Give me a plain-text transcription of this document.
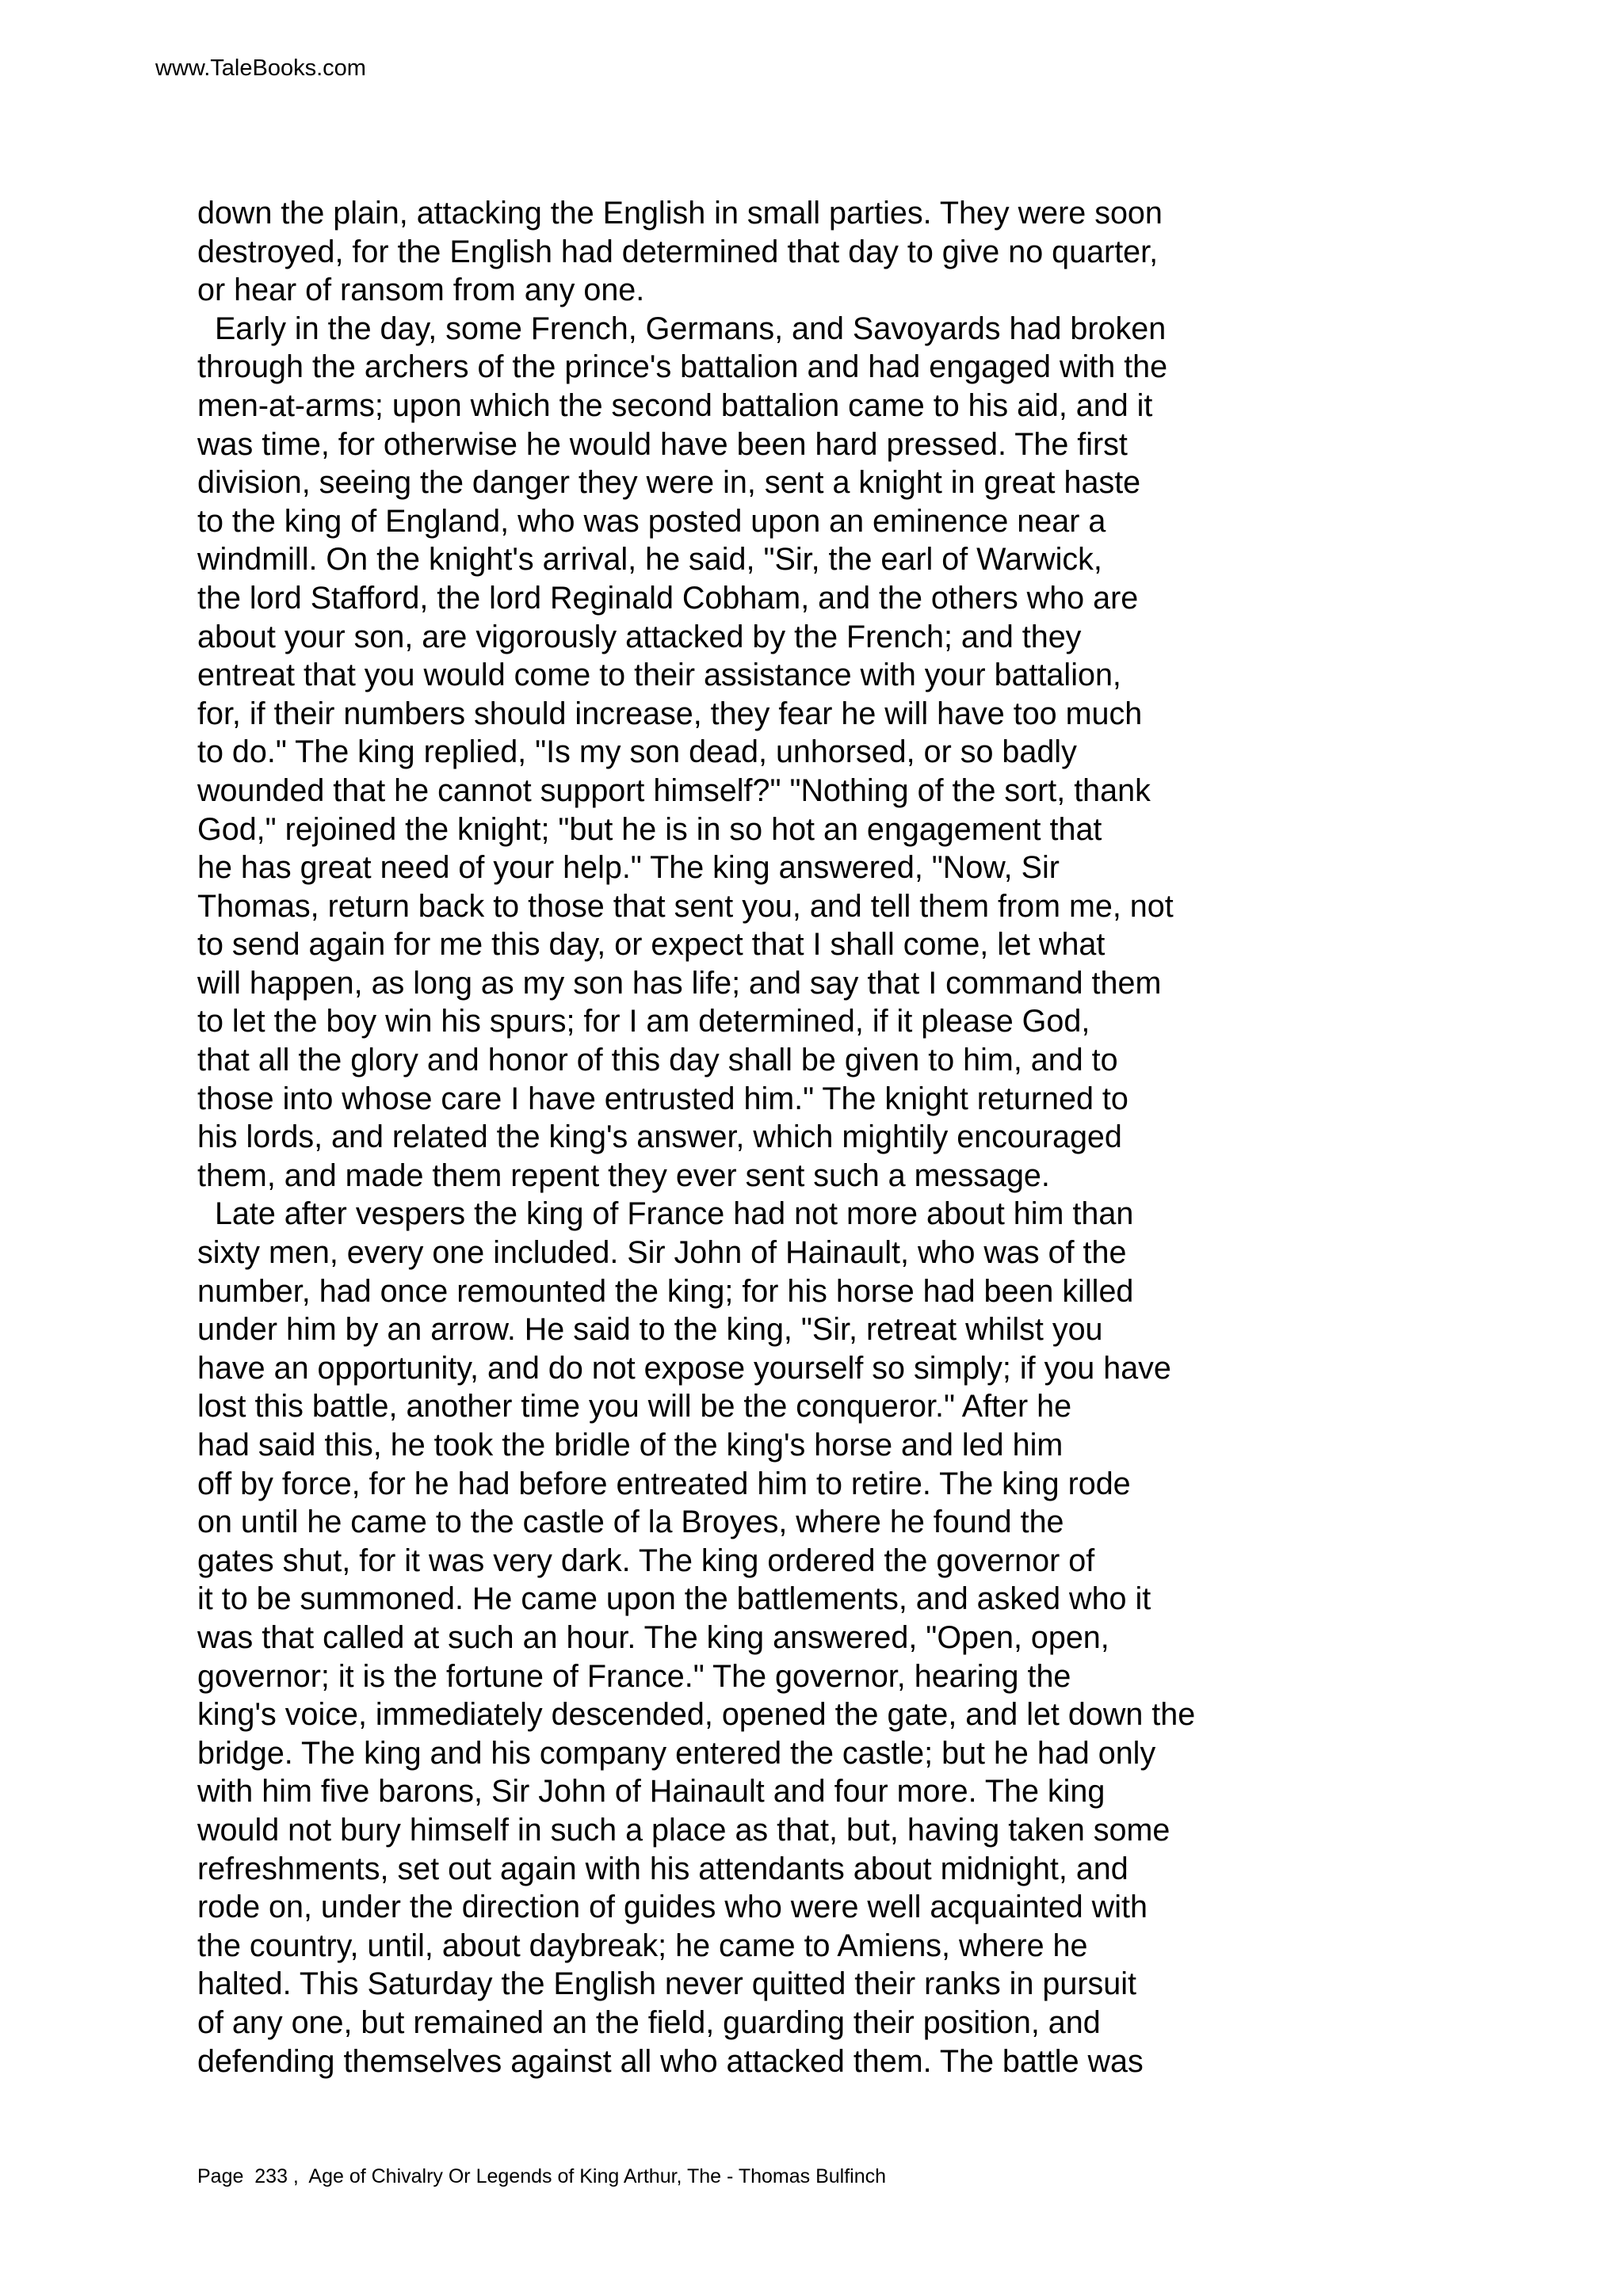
www.TaleBooks.com
down the plain, attacking the English in small parties. They were soon
destroyed, for the English had determined that day to give no quarter,
or hear of ransom from any one.
Early in the day, some French, Germans, and Savoyards had broken
through the archers of the prince's battalion and had engaged with the
men-at-arms; upon which the second battalion came to his aid, and it
was time, for otherwise he would have been hard pressed. The first
division, seeing the danger they were in, sent a knight in great haste
to the king of England, who was posted upon an eminence near a
windmill. On the knight's arrival, he said, "Sir, the earl of Warwick,
the lord Stafford, the lord Reginald Cobham, and the others who are
about your son, are vigorously attacked by the French; and they
entreat that you would come to their assistance with your battalion,
for, if their numbers should increase, they fear he will have too much
to do." The king replied, "Is my son dead, unhorsed, or so badly
wounded that he cannot support himself?" "Nothing of the sort, thank
God," rejoined the knight; "but he is in so hot an engagement that
he has great need of your help." The king answered, "Now, Sir
Thomas, return back to those that sent you, and tell them from me, not
to send again for me this day, or expect that I shall come, let what
will happen, as long as my son has life; and say that I command them
to let the boy win his spurs; for I am determined, if it please God,
that all the glory and honor of this day shall be given to him, and to
those into whose care I have entrusted him." The knight returned to
his lords, and related the king's answer, which mightily encouraged
them, and made them repent they ever sent such a message.
Late after vespers the king of France had not more about him than
sixty men, every one included. Sir John of Hainault, who was of the
number, had once remounted the king; for his horse had been killed
under him by an arrow. He said to the king, "Sir, retreat whilst you
have an opportunity, and do not expose yourself so simply; if you have
lost this battle, another time you will be the conqueror." After he
had said this, he took the bridle of the king's horse and led him
off by force, for he had before entreated him to retire. The king rode
on until he came to the castle of la Broyes, where he found the
gates shut, for it was very dark. The king ordered the governor of
it to be summoned. He came upon the battlements, and asked who it
was that called at such an hour. The king answered, "Open, open,
governor; it is the fortune of France." The governor, hearing the
king's voice, immediately descended, opened the gate, and let down the
bridge. The king and his company entered the castle; but he had only
with him five barons, Sir John of Hainault and four more. The king
would not bury himself in such a place as that, but, having taken some
refreshments, set out again with his attendants about midnight, and
rode on, under the direction of guides who were well acquainted with
the country, until, about daybreak; he came to Amiens, where he
halted. This Saturday the English never quitted their ranks in pursuit
of any one, but remained an the field, guarding their position, and
defending themselves against all who attacked them. The battle was
Page  233 ,  Age of Chivalry Or Legends of King Arthur, The - Thomas Bulfinch
